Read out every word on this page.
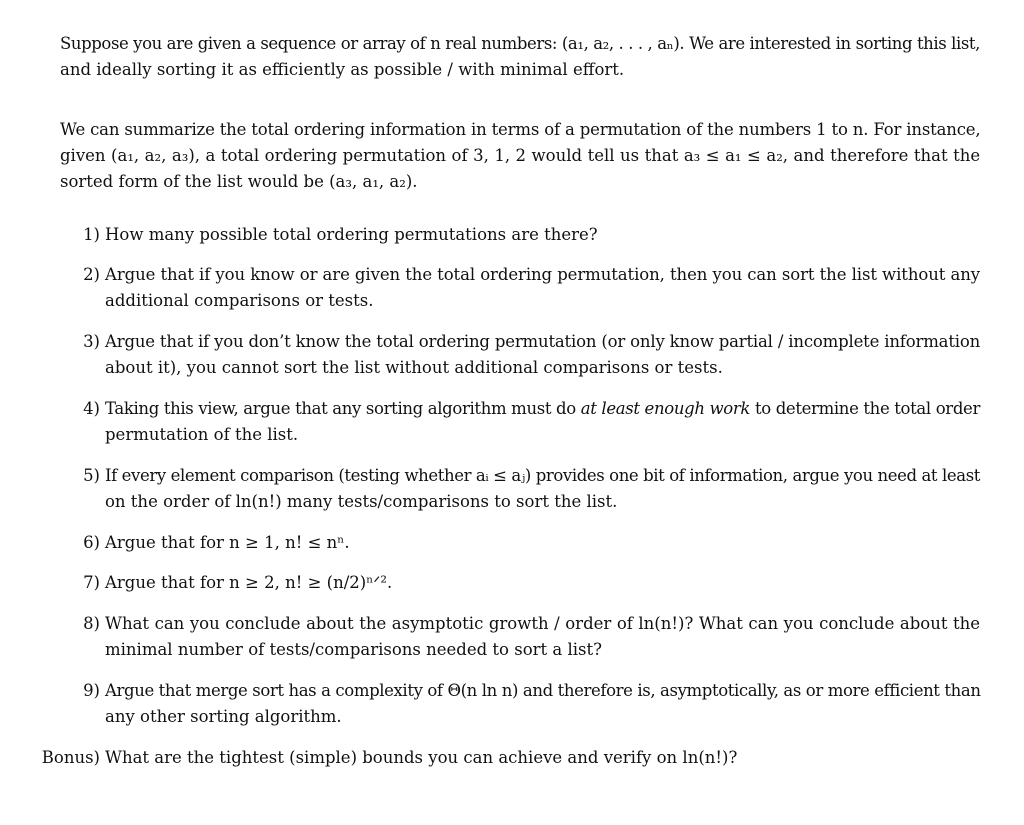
Suppose you are given a sequence or array of n real numbers: (a₁, a₂, . . . , aₙ). We are interested in sorting this list,
and ideally sorting it as efficiently as possible / with minimal effort.
We can summarize the total ordering information in terms of a permutation of the numbers 1 to n. For instance,
given (a₁, a₂, a₃), a total ordering permutation of 3, 1, 2 would tell us that a₃ ≤ a₁ ≤ a₂, and therefore that the
sorted form of the list would be (a₃, a₁, a₂).
1) How many possible total ordering permutations are there?
2) Argue that if you know or are given the total ordering permutation, then you can sort the list without any
additional comparisons or tests.
3) Argue that if you don’t know the total ordering permutation (or only know partial / incomplete information
about it), you cannot sort the list without additional comparisons or tests.
4) Taking this view, argue that any sorting algorithm must do at least enough work to determine the total order
permutation of the list.
5) If every element comparison (testing whether aᵢ ≤ aⱼ) provides one bit of information, argue you need at least
on the order of ln(n!) many tests/comparisons to sort the list.
6) Argue that for n ≥ 1, n! ≤ nⁿ.
7) Argue that for n ≥ 2, n! ≥ (n/2)ⁿᐟ².
8) What can you conclude about the asymptotic growth / order of ln(n!)? What can you conclude about the
minimal number of tests/comparisons needed to sort a list?
9) Argue that merge sort has a complexity of Θ(n ln n) and therefore is, asymptotically, as or more efficient than
any other sorting algorithm.
Bonus) What are the tightest (simple) bounds you can achieve and verify on ln(n!)?
